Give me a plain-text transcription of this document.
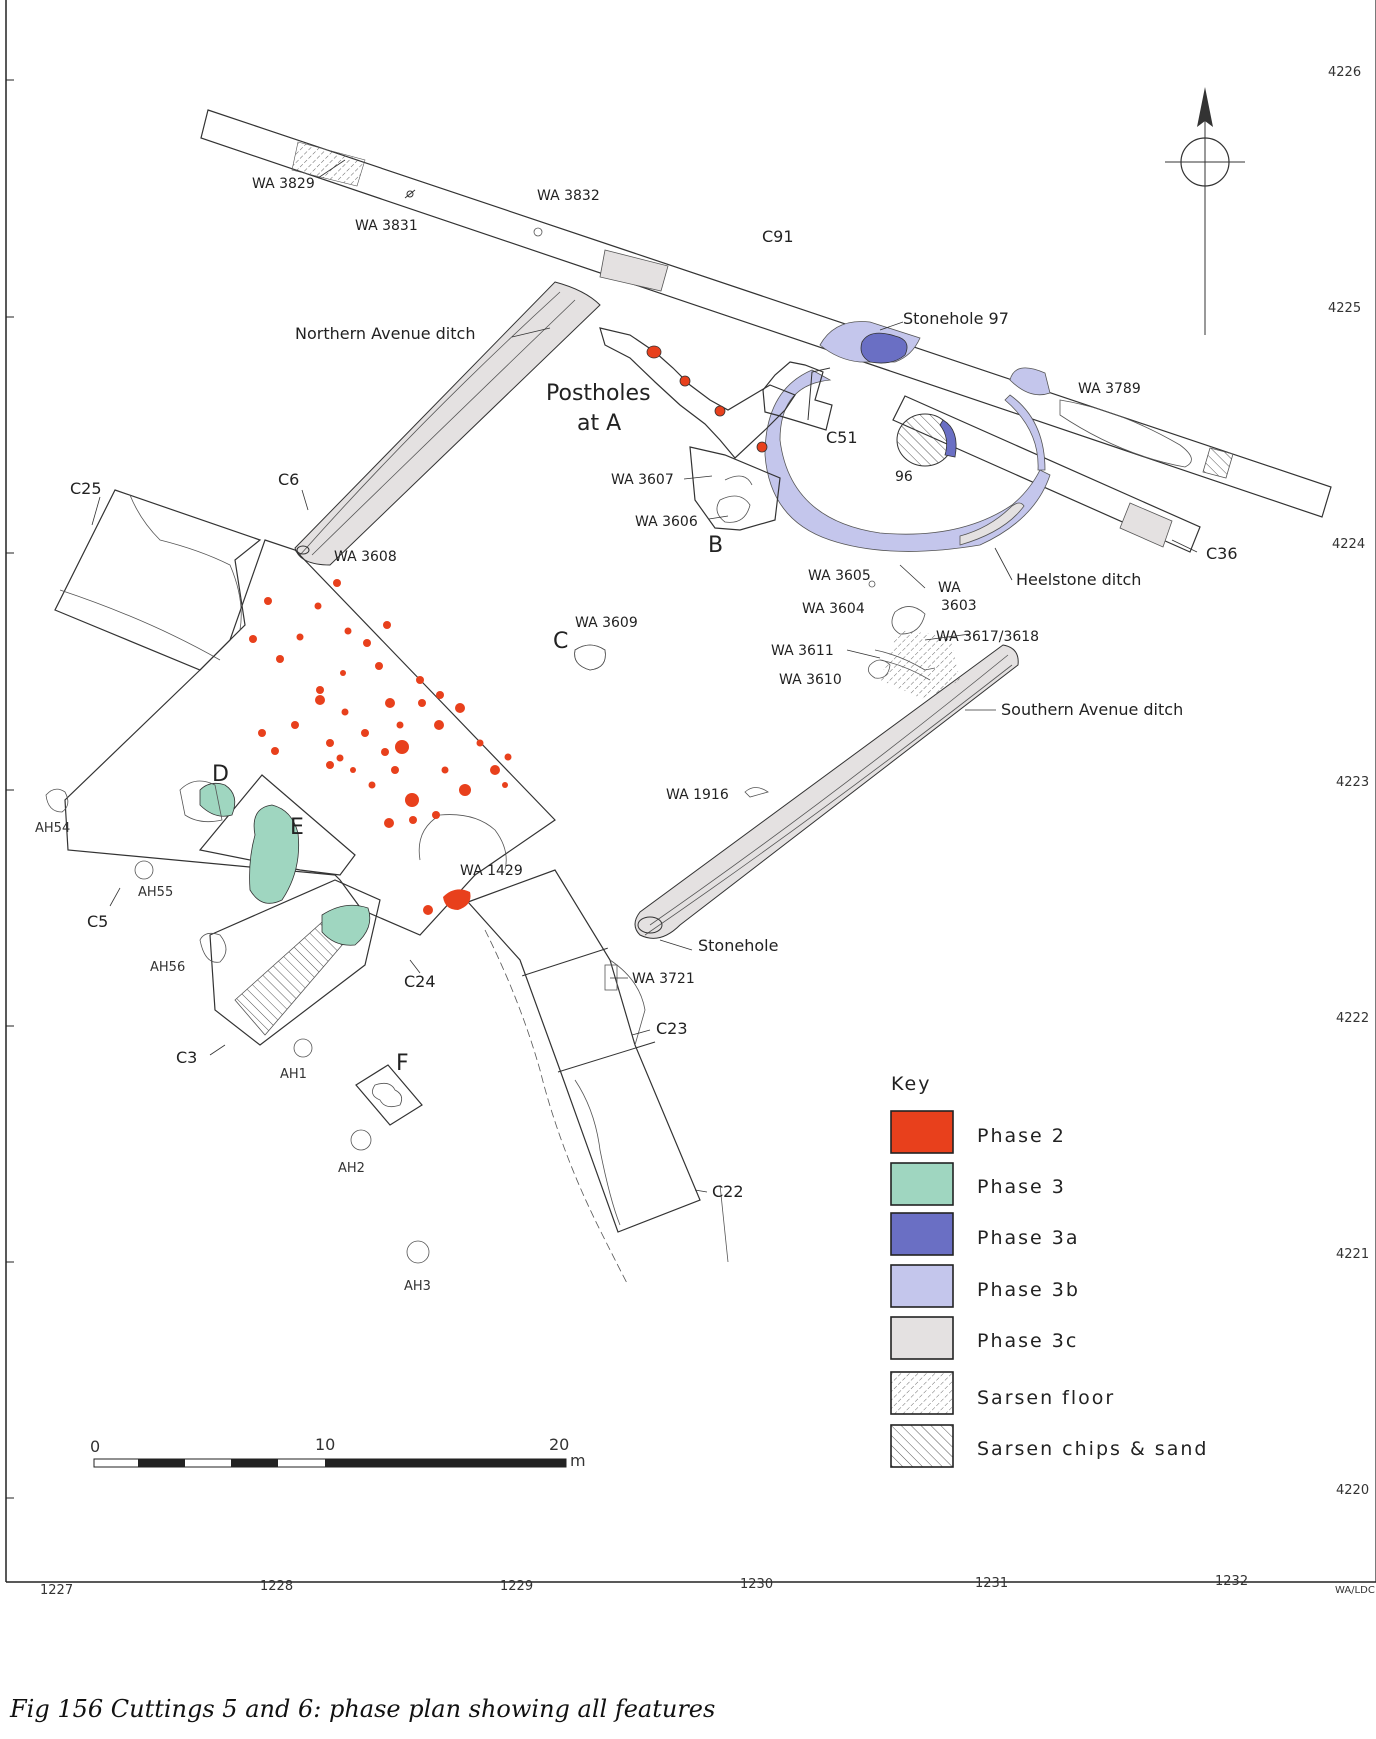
1227	1228	1229	1230	1231	1232
WA/LDC
4226
4225
4224
4223
4222
4221
4220
WA 3829
WA 3831
WA 3832
C91
Stonehole 97
WA 3789
Northern Avenue ditch
Postholes
at A
C51
96
WA 3607
WA 3606
B	C36
Heelstone ditch
C25	C6
WA 3608
WA 3605
WA
3603
WA 3604
WA 3609
C	WA 3617/3618
WA 3611
WA 3610
Southern Avenue ditch
WA 1916
D
E
AH54
AH55
C5
AH56
WA 1429
Stonehole
C24	WA 3721
C23
C3
AH1	F
AH2
C22
AH3
Key
Phase 2
Phase 3
Phase 3a
Phase 3b
Phase 3c
Sarsen floor
Sarsen chips & sand
0	10	20
m
Fig 156 Cuttings 5 and 6: phase plan showing all features
